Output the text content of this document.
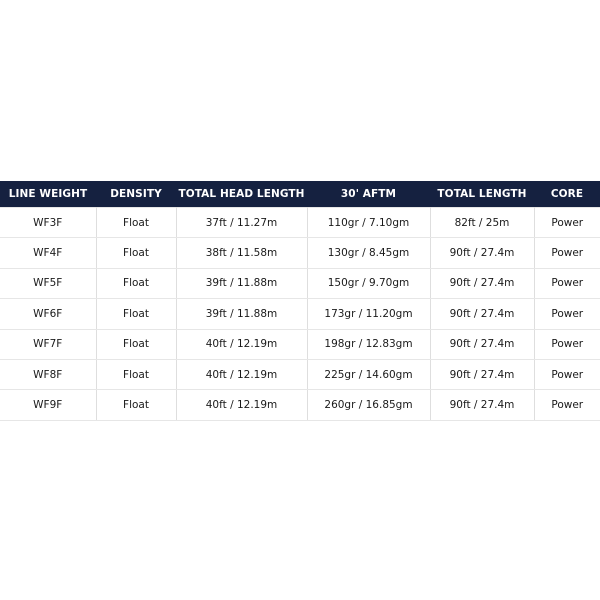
LINE WEIGHT	DENSITY	TOTAL HEAD LENGTH	30' AFTM	TOTAL LENGTH	CORE
WF3F	Float	37ft / 11.27m	110gr / 7.10gm	82ft / 25m	Power
WF4F	Float	38ft / 11.58m	130gr / 8.45gm	90ft / 27.4m	Power
WF5F	Float	39ft / 11.88m	150gr / 9.70gm	90ft / 27.4m	Power
WF6F	Float	39ft / 11.88m	173gr / 11.20gm	90ft / 27.4m	Power
WF7F	Float	40ft / 12.19m	198gr / 12.83gm	90ft / 27.4m	Power
WF8F	Float	40ft / 12.19m	225gr / 14.60gm	90ft / 27.4m	Power
WF9F	Float	40ft / 12.19m	260gr / 16.85gm	90ft / 27.4m	Power
